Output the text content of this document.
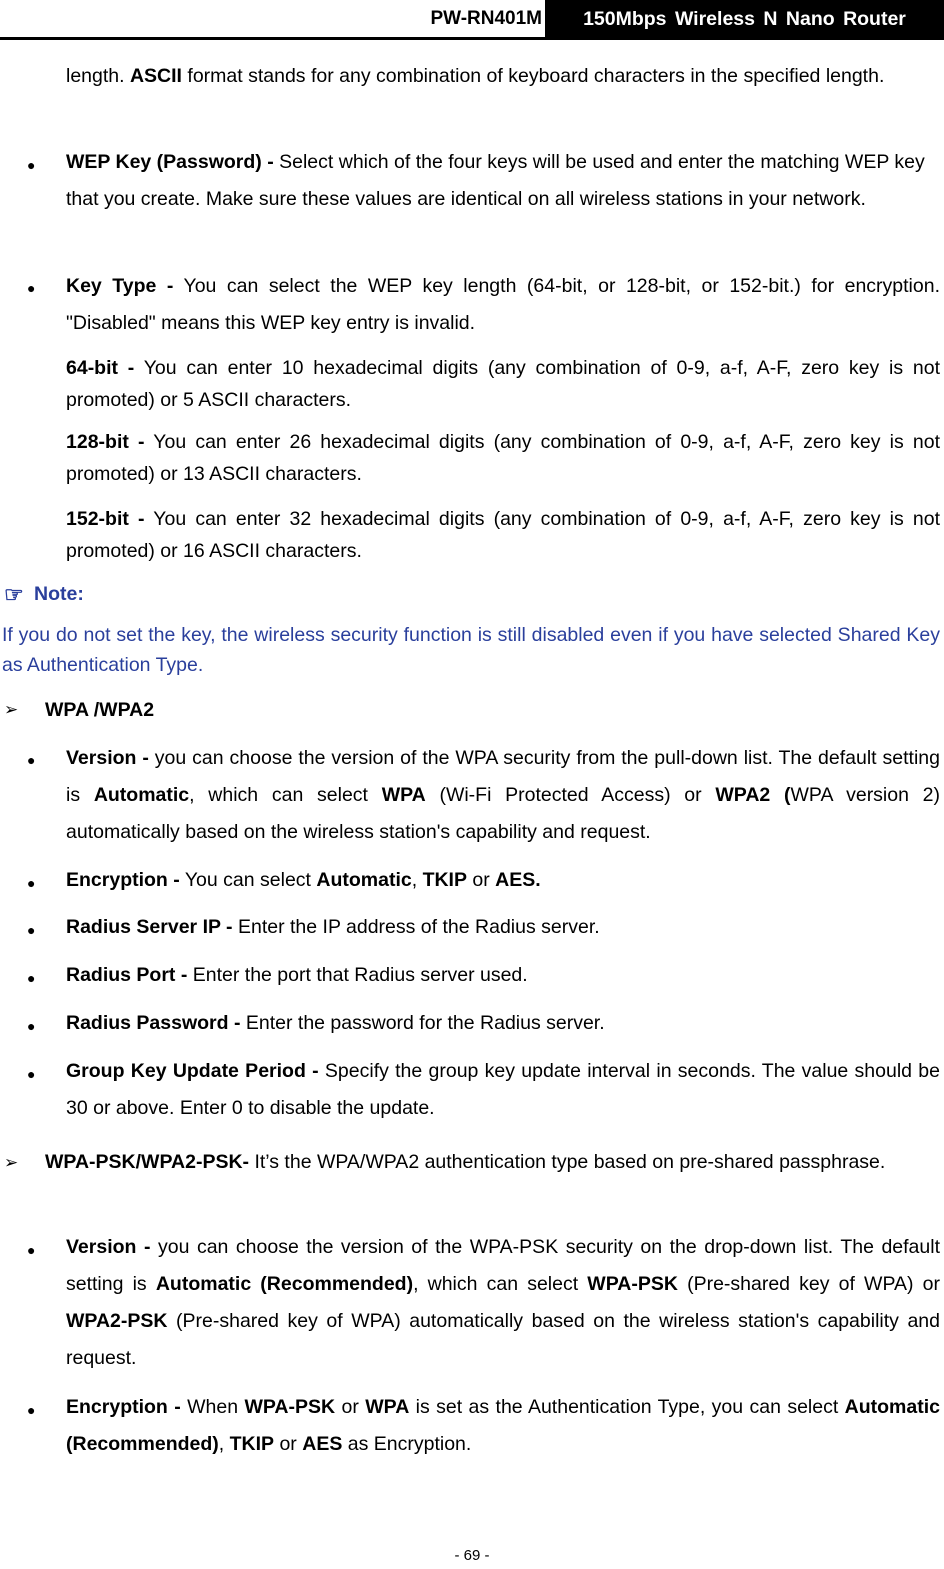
PW-RN401M	150Mbps Wireless N Nano Router
length. ASCII format stands for any combination of keyboard characters in the specified length.
● WEP Key (Password) - Select which of the four keys will be used and enter the matching WEP key that you create. Make sure these values are identical on all wireless stations in your network.
● Key Type - You can select the WEP key length (64-bit, or 128-bit, or 152-bit.) for encryption. "Disabled" means this WEP key entry is invalid.
64-bit - You can enter 10 hexadecimal digits (any combination of 0-9, a-f, A-F, zero key is not promoted) or 5 ASCII characters.
128-bit - You can enter 26 hexadecimal digits (any combination of 0-9, a-f, A-F, zero key is not promoted) or 13 ASCII characters.
152-bit - You can enter 32 hexadecimal digits (any combination of 0-9, a-f, A-F, zero key is not promoted) or 16 ASCII characters.
☞ Note:
If you do not set the key, the wireless security function is still disabled even if you have selected Shared Key as Authentication Type.
➢ WPA /WPA2
● Version - you can choose the version of the WPA security from the pull-down list. The default setting is Automatic, which can select WPA (Wi-Fi Protected Access) or WPA2 (WPA version 2) automatically based on the wireless station's capability and request.
● Encryption - You can select Automatic, TKIP or AES.
● Radius Server IP - Enter the IP address of the Radius server.
● Radius Port - Enter the port that Radius server used.
● Radius Password - Enter the password for the Radius server.
● Group Key Update Period - Specify the group key update interval in seconds. The value should be 30 or above. Enter 0 to disable the update.
➢ WPA-PSK/WPA2-PSK- It’s the WPA/WPA2 authentication type based on pre-shared passphrase.
● Version - you can choose the version of the WPA-PSK security on the drop-down list. The default setting is Automatic (Recommended), which can select WPA-PSK (Pre-shared key of WPA) or WPA2-PSK (Pre-shared key of WPA) automatically based on the wireless station's capability and request.
● Encryption - When WPA-PSK or WPA is set as the Authentication Type, you can select Automatic (Recommended), TKIP or AES as Encryption.
- 69 -
